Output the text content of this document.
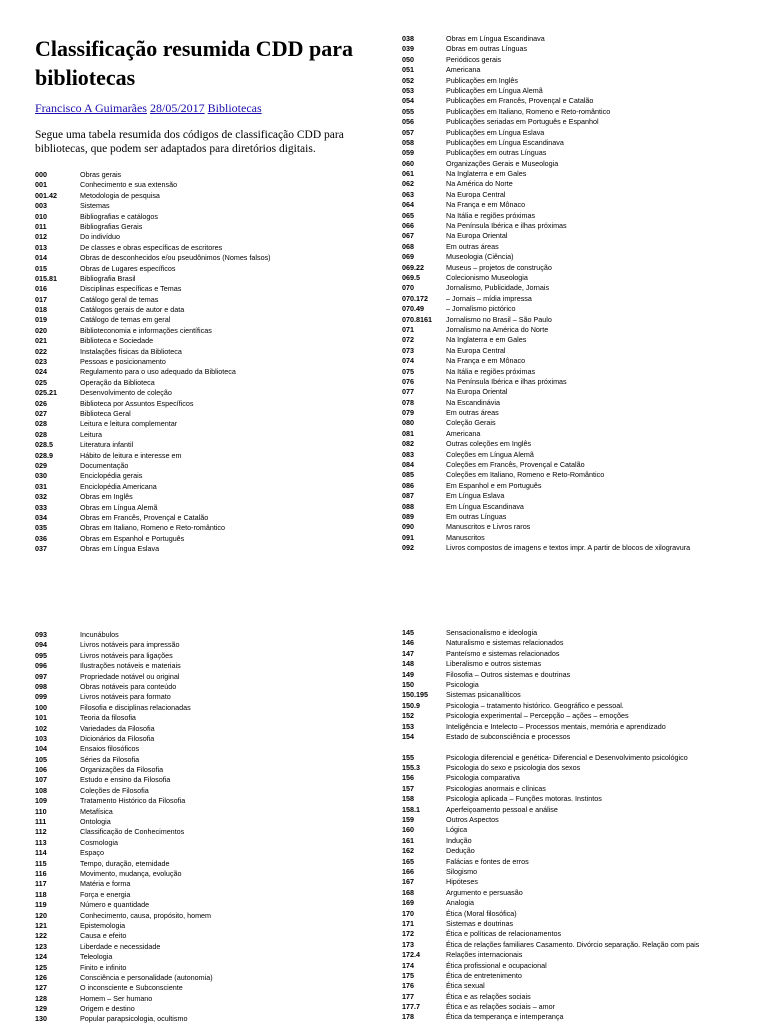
Classificação resumida CDD para bibliotecas
Francisco A Guimarães 28/05/2017 Bibliotecas

Segue uma tabela resumida dos códigos de classificação CDD para bibliotecas, que podem ser adaptados para diretórios digitais.

000	Obras gerais
001	Conhecimento e sua extensão
001.42	Metodologia de pesquisa
003	Sistemas
010	Bibliografias e catálogos
011	Bibliografias Gerais
012	Do indivíduo
013	De classes e obras específicas de escritores
014	Obras de desconhecidos e/ou pseudônimos (Nomes falsos)
015	Obras de Lugares específicos
015.81	Bibliografia Brasil
016	Disciplinas específicas e Temas
017	Catálogo geral de temas
018	Catálogos gerais de autor e data
019	Catálogo de temas em geral
020	Biblioteconomia e informações científicas
021	Biblioteca e Sociedade
022	Instalações físicas da Biblioteca
023	Pessoas e posicionamento
024	Regulamento para o uso adequado da Biblioteca
025	Operação da Biblioteca
025.21	Desenvolvimento de coleção
026	Biblioteca por Assuntos Específicos
027	Biblioteca Geral
028	Leitura e leitura complementar
028	Leitura
028.5	Literatura infantil
028.9	Hábito de leitura e interesse em
029	Documentação
030	Enciclopédia gerais
031	Enciclopédia Americana
032	Obras em Inglês
033	Obras em Língua Alemã
034	Obras em Francês, Provençal e Catalão
035	Obras em Italiano, Romeno e Reto-romântico
036	Obras em Espanhol e Português
037	Obras em Língua Eslava
038	Obras em Língua Escandinava
039	Obras em outras Línguas
050	Periódicos gerais
051	Americana
052	Publicações em Inglês
053	Publicações em Língua Alemã
054	Publicações em Francês, Provençal e Catalão
055	Publicações em Italiano, Romeno e Reto-romântico
056	Publicações seriadas em Português e Espanhol
057	Publicações em Língua Eslava
058	Publicações em Língua Escandinava
059	Publicações em outras Línguas
060	Organizações Gerais e Museologia
061	Na Inglaterra e em Gales
062	Na América do Norte
063	Na Europa Central
064	Na França e em Mônaco
065	Na Itália e regiões próximas
066	Na Península Ibérica e ilhas próximas
067	Na Europa Oriental
068	Em outras áreas
069	Museologia (Ciência)
069.22	Museus – projetos de construção
069.5	Colecionismo Museologia
070	Jornalismo, Publicidade, Jornais
070.172	– Jornais – mídia impressa
070.49	– Jornalismo pictórico
070.8161 Jornalismo no Brasil – São Paulo
071	Jornalismo na América do Norte
072	Na Inglaterra e em Gales
073	Na Europa Central
074	Na França e em Mônaco
075	Na Itália e regiões próximas
076	Na Península Ibérica e ilhas próximas
077	Na Europa Oriental
078	Na Escandinávia
079	Em outras áreas
080	Coleção Gerais
081	Americana
082	Outras coleções em Inglês
083	Coleções em Língua Alemã
084	Coleções em Francês, Provençal e Catalão
085	Coleções em Italiano, Romeno e Reto-Romântico
086	Em Espanhol e em Português
087	Em Língua Eslava
088	Em Língua Escandinava
089	Em outras Línguas
090	Manuscritos e Livros raros
091	Manuscritos
092	Livros compostos de imagens e textos impr. A partir de blocos de xilogravura
093	Incunábulos
094	Livros notáveis para impressão
095	Livros notáveis para ligações
096	Ilustrações notáveis e materiais
097	Propriedade notável ou original
098	Obras notáveis para conteúdo
099	Livros notáveis para formato
100	Filosofia e disciplinas relacionadas
101	Teoria da filosofia
102	Variedades da Filosofia
103	Dicionários da Filosofia
104	Ensaios filosóficos
105	Séries da Filosofia
106	Organizações da Filosofia
107	Estudo e ensino da Filosofia
108	Coleções de Filosofia
109	Tratamento Histórico da Filosofia
110	Metafísica
111	Ontologia
112	Classificação de Conhecimentos
113	Cosmologia
114	Espaço
115	Tempo, duração, eternidade
116	Movimento, mudança, evolução
117	Matéria e forma
118	Força e energia
119	Número e quantidade
120	Conhecimento, causa, propósito, homem
121	Epistemologia
122	Causa e efeito
123	Liberdade e necessidade
124	Teleologia
125	Finito e infinito
126	Consciência e personalidade (autonomia)
127	O inconsciente e Subconsciente
128	Homem – Ser humano
129	Origem e destino
130	Popular parapsicologia, ocultismo
145	Sensacionalismo e ideologia
146	Naturalismo e sistemas relacionados
147	Panteísmo e sistemas relacionados
148	Liberalismo e outros sistemas
149	Filosofia – Outros sistemas e doutrinas
150	Psicologia
150.195	Sistemas psicanalíticos
150.9	Psicologia – tratamento histórico. Geográfico e pessoal.
152	Psicologia experimental – Percepção – ações – emoções
153	Inteligência e Intelecto – Processos mentais, memória e aprendizado
154	Estado de subconsciência e processos
155	Psicologia diferencial e genética- Diferencial e Desenvolvimento psicológico
155.3	Psicologia do sexo e psicologia dos sexos
156	Psicologia comparativa
157	Psicologias anormais e clínicas
158	Psicologia aplicada – Funções motoras. Instintos
158.1	Aperfeiçoamento pessoal e análise
159	Outros Aspectos
160	Lógica
161	Indução
162	Dedução
165	Falácias e fontes de erros
166	Silogismo
167	Hipóteses
168	Argumento e persuasão
169	Analogia
170	Ética (Moral filosófica)
171	Sistemas e doutrinas
172	Ética e políticas de relacionamentos
173	Ética de relações familiares Casamento. Divórcio separação. Relação com pais
172.4	Relações internacionais
174	Ética profissional e ocupacional
175	Ética de entretenimento
176	Ética sexual
177	Ética e as relações sociais
177.7	Ética e as relações sociais – amor
178	Ética da temperança e intemperança
